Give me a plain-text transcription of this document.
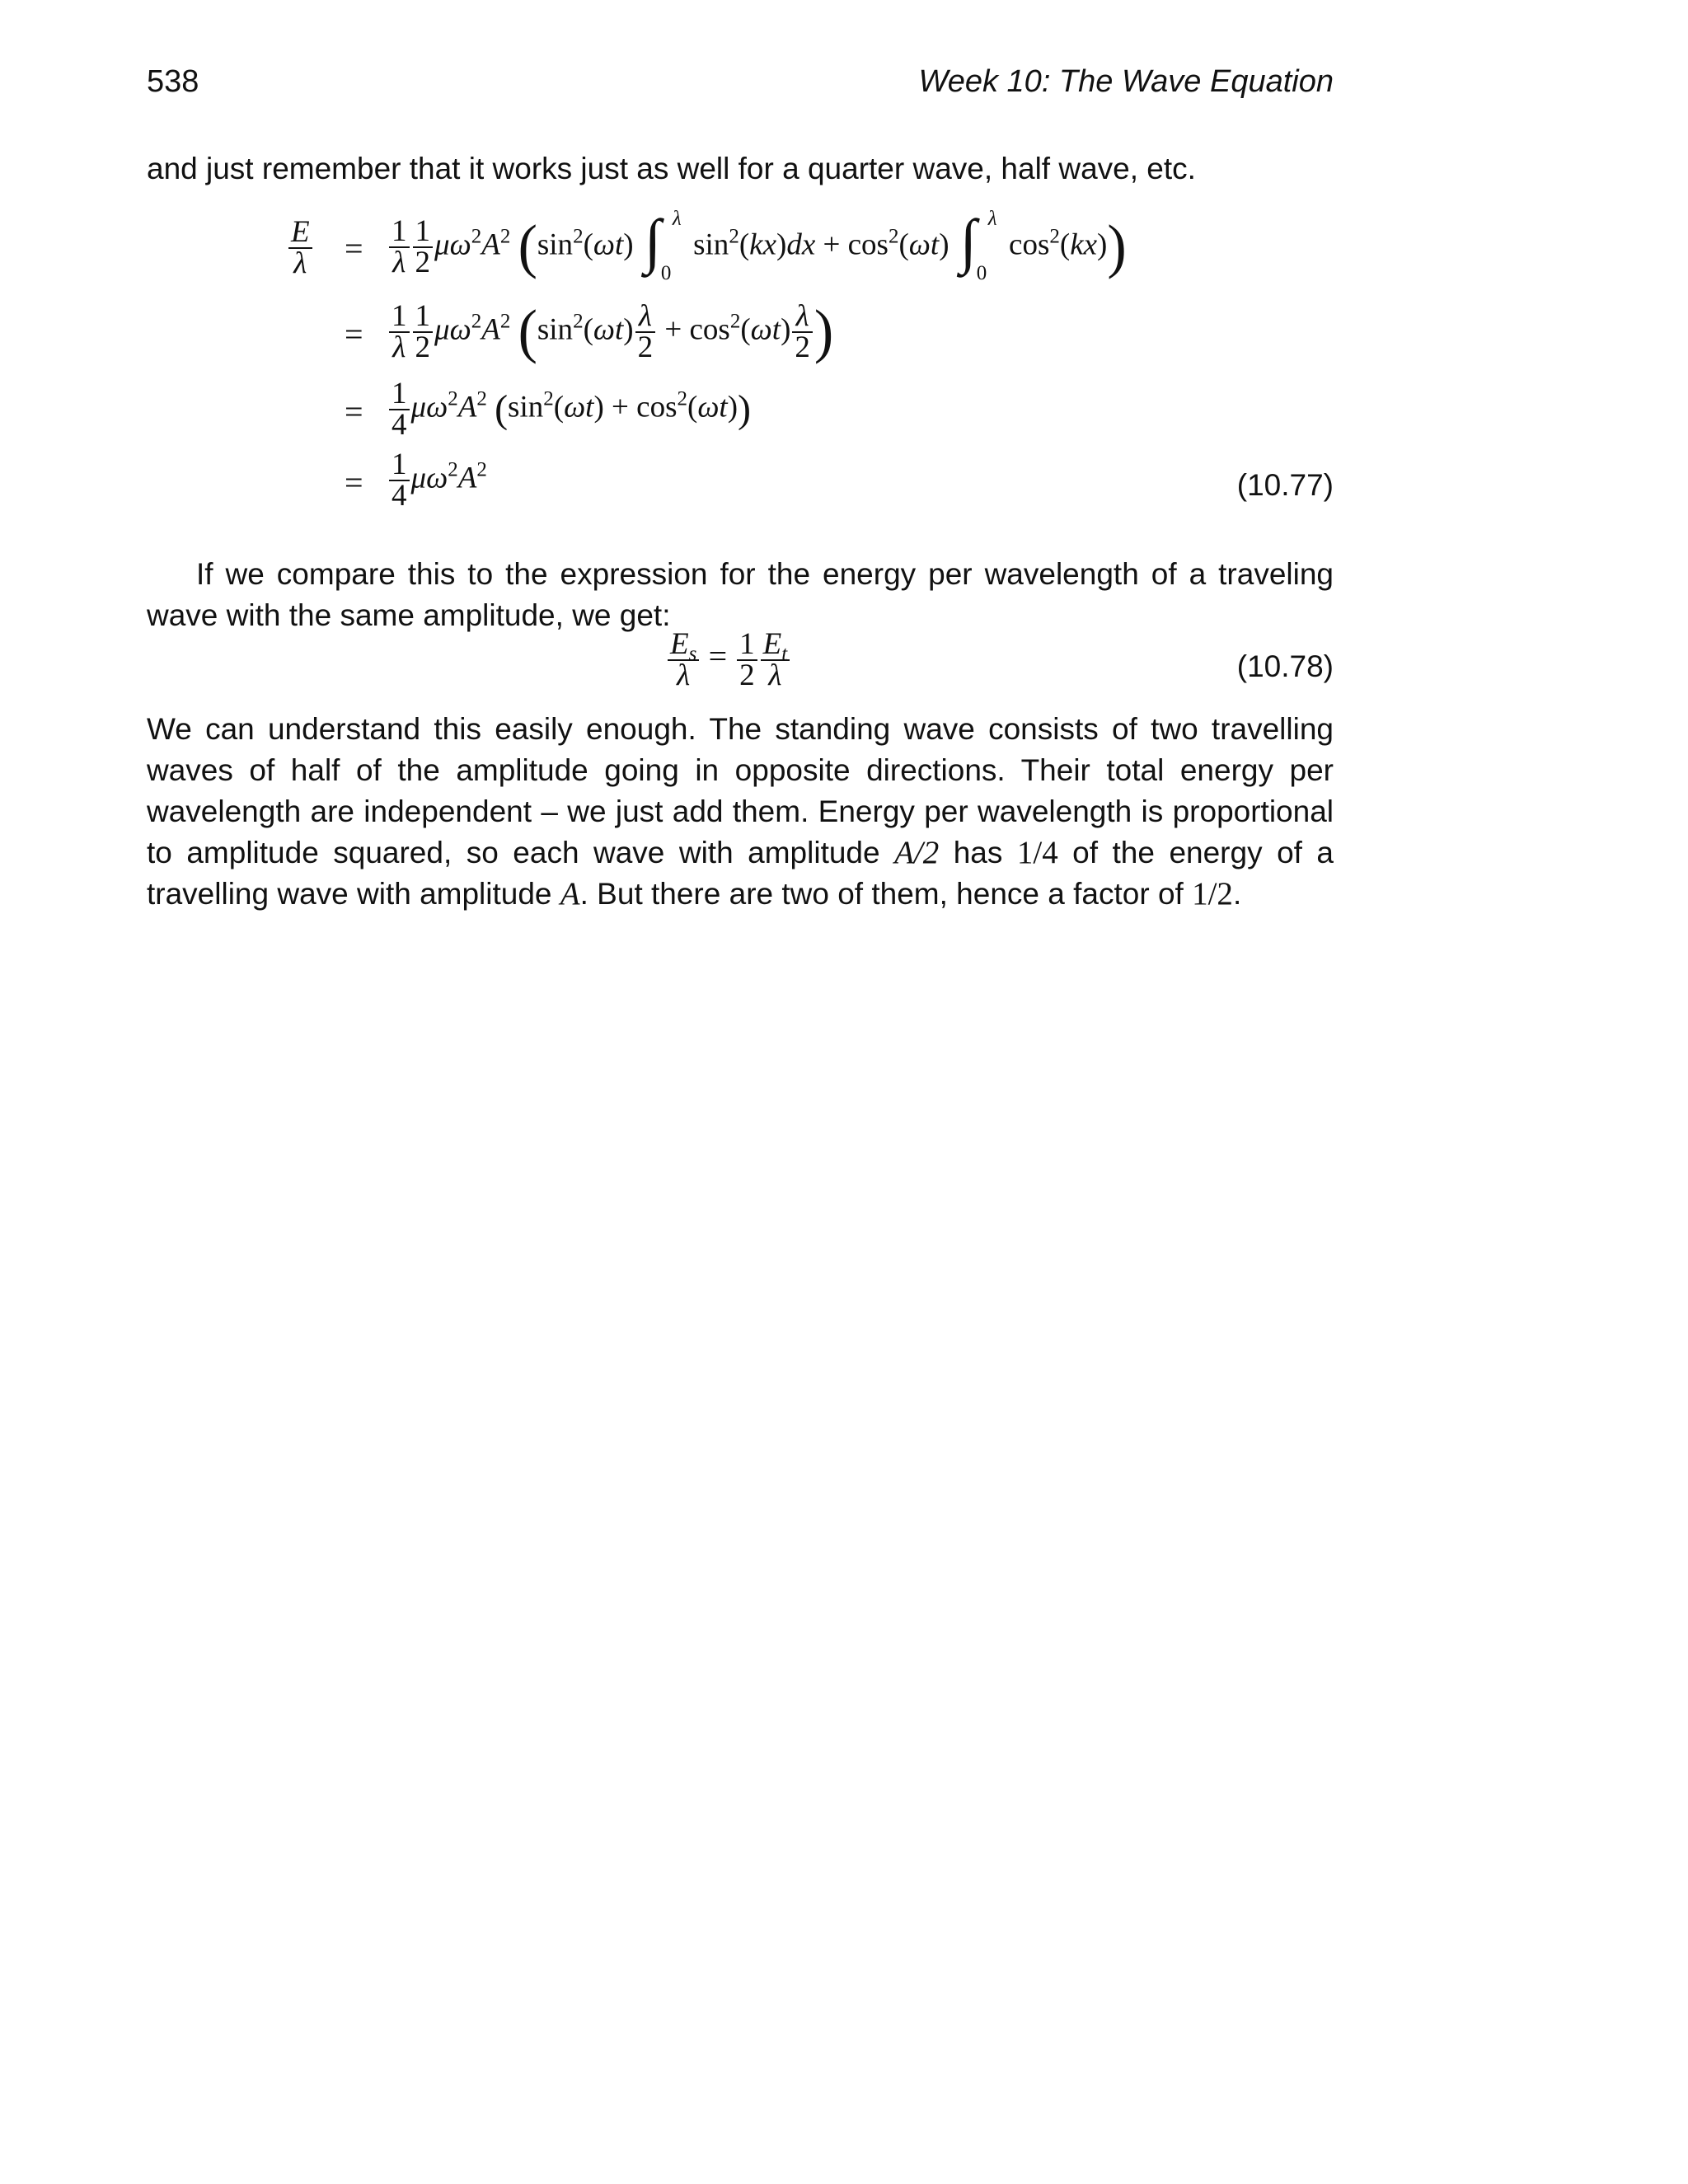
538	Week 10: The Wave Equation
and just remember that it works just as well for a quarter wave, half wave, etc.
$\frac{E}{\lambda} = \frac{1}{\lambda} \frac{1}{2} \mu\omega^2A^2$ ($\sin^2(\omega t)$ ∫ λ
0
$\sin^2(kx)dx + \cos^2(\omega t)$ ∫ λ
0
$\cos^2(kx)$)
= $\frac{1}{\lambda} \frac{1}{2} \mu\omega^2A^2$ ($\sin^2(\omega t) \frac{\lambda}{2} + \cos^2(\omega t) \frac{\lambda}{2}$ )
= $\frac{1}{4} \mu\omega^2A^2$ $(\sin^2(\omega t) + \cos^2(\omega t))$
= $\frac{1}{4} \mu\omega^2A^2$	(10.77)
If we compare this to the expression for the energy per wavelength of a traveling wave with the same amplitude, we get:
$\frac{E_s}{\lambda} = \frac{1}{2} \frac{E_t}{\lambda}$	(10.78)

We can understand this easily enough. The standing wave consists of two travelling waves of half of the amplitude going in opposite directions. Their total energy per wavelength are independent – we just add them. Energy per wavelength is proportional to amplitude squared, so each wave with amplitude A/2 has 1/4 of the energy of a travelling wave with amplitude A. But there are two of them, hence a factor of 1/2.
